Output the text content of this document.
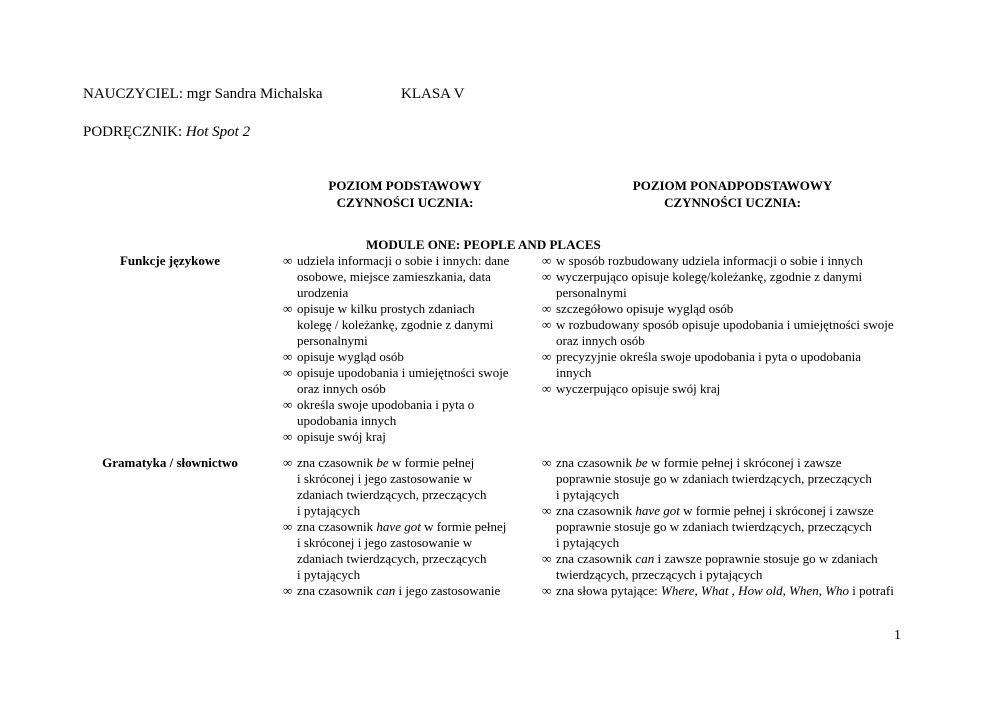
NAUCZYCIEL: mgr Sandra Michalska	KLASA V
PODRĘCZNIK: Hot Spot 2
POZIOM PODSTAWOWY
CZYNNOŚCI UCZNIA:
POZIOM PONADPODSTAWOWY
CZYNNOŚCI UCZNIA:
MODULE ONE: PEOPLE AND PLACES
Funkcje językowe
Gramatyka / słownictwo
∞ udziela informacji o sobie i innych: dane
osobowe, miejsce zamieszkania, data
urodzenia
∞ opisuje w kilku prostych zdaniach
kolegę / koleżankę, zgodnie z danymi
personalnymi
∞ opisuje wygląd osób
∞ opisuje upodobania i umiejętności swoje
oraz innych osób
∞ określa swoje upodobania i pyta o
upodobania innych
∞ opisuje swój kraj
∞ w sposób rozbudowany udziela informacji o sobie i innych
∞ wyczerpująco opisuje kolegę/koleżankę, zgodnie z danymi
personalnymi
∞ szczegółowo opisuje wygląd osób
∞ w rozbudowany sposób opisuje upodobania i umiejętności swoje
oraz innych osób
∞ precyzyjnie określa swoje upodobania i pyta o upodobania
innych
∞ wyczerpująco opisuje swój kraj
∞ zna czasownik be w formie pełnej
i skróconej i jego zastosowanie w
zdaniach twierdzących, przeczących
i pytających
∞ zna czasownik have got w formie pełnej
i skróconej i jego zastosowanie w
zdaniach twierdzących, przeczących
i pytających
∞ zna czasownik can i jego zastosowanie
∞ zna czasownik be w formie pełnej i skróconej i zawsze
poprawnie stosuje go w zdaniach twierdzących, przeczących
i pytających
∞ zna czasownik have got w formie pełnej i skróconej i zawsze
poprawnie stosuje go w zdaniach twierdzących, przeczących
i pytających
∞ zna czasownik can i zawsze poprawnie stosuje go w zdaniach
twierdzących, przeczących i pytających
∞ zna słowa pytające: Where, What , How old, When, Who i potrafi
1
